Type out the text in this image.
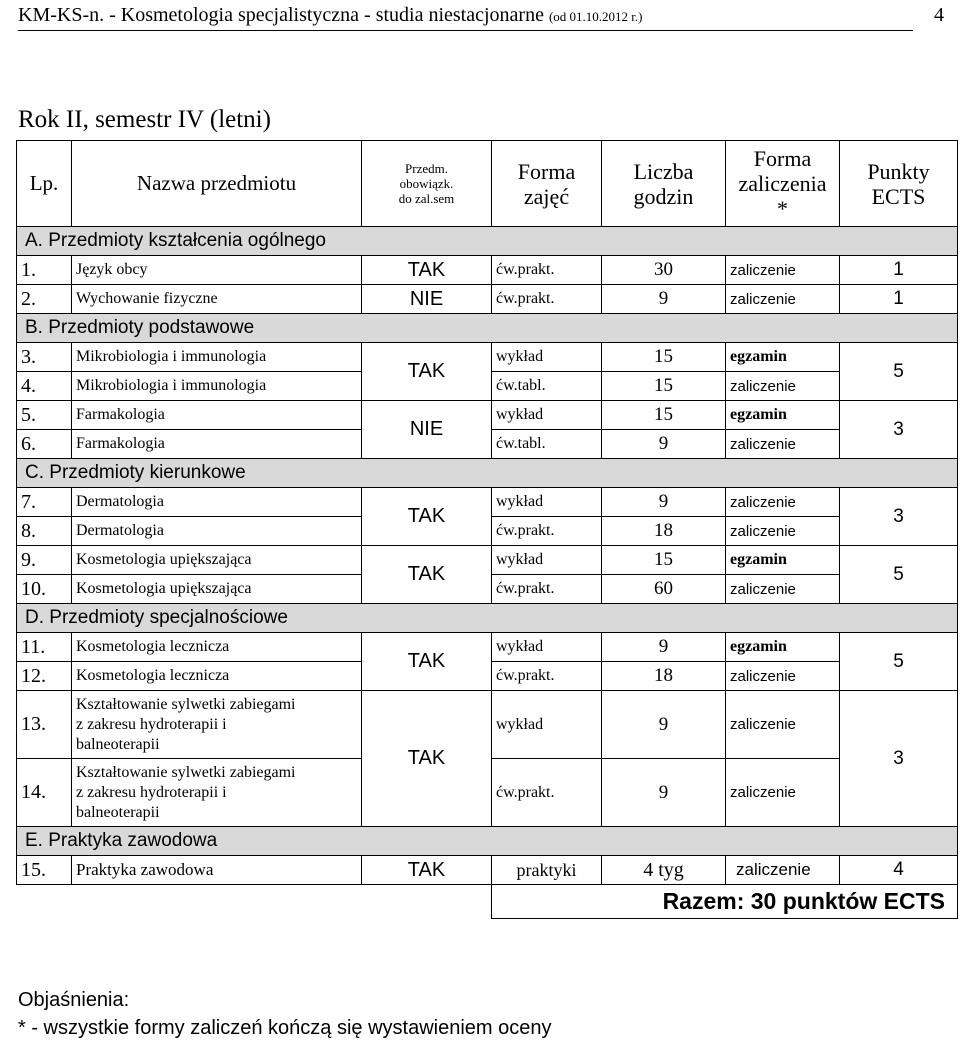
KM-KS-n. - Kosmetologia specjalistyczna - studia niestacjonarne (od 01.10.2012 r.)	4
Rok II, semestr IV (letni)
Lp.	Nazwa przedmiotu	Przedm.
obowiązk.
do zal.sem	Forma
zajęć	Liczba
godzin	Forma
zaliczenia
*	Punkty
ECTS
A. Przedmioty kształcenia ogólnego						
1.	Język obcy	TAK	ćw.prakt.	30	zaliczenie	1
2.	Wychowanie fizyczne	NIE	ćw.prakt.	9	zaliczenie	1
B. Przedmioty podstawowe						
3.	Mikrobiologia i immunologia	TAK	wykład	15	egzamin	5
4.	Mikrobiologia i immunologia		ćw.tabl.	15	zaliczenie	
5.	Farmakologia	NIE	wykład	15	egzamin	3
6.	Farmakologia		ćw.tabl.	9	zaliczenie	
C. Przedmioty kierunkowe						
7.	Dermatologia	TAK	wykład	9	zaliczenie	3
8.	Dermatologia		ćw.prakt.	18	zaliczenie	
9.	Kosmetologia upiększająca	TAK	wykład	15	egzamin	5
10.	Kosmetologia upiększająca		ćw.prakt.	60	zaliczenie	
D. Przedmioty specjalnościowe						
11.	Kosmetologia lecznicza	TAK	wykład	9	egzamin	5
12.	Kosmetologia lecznicza		ćw.prakt.	18	zaliczenie	
13.	Kształtowanie sylwetki zabiegami
z zakresu hydroterapii i
balneoterapii	TAK	wykład	9	zaliczenie	3
14.	Kształtowanie sylwetki zabiegami
z zakresu hydroterapii i
balneoterapii		ćw.prakt.	9	zaliczenie	
E. Praktyka zawodowa						
15.	Praktyka zawodowa	TAK	praktyki	4 tyg	zaliczenie	4
			Razem: 30 punktów ECTS			
Objaśnienia:
* - wszystkie formy zaliczeń kończą się wystawieniem oceny
